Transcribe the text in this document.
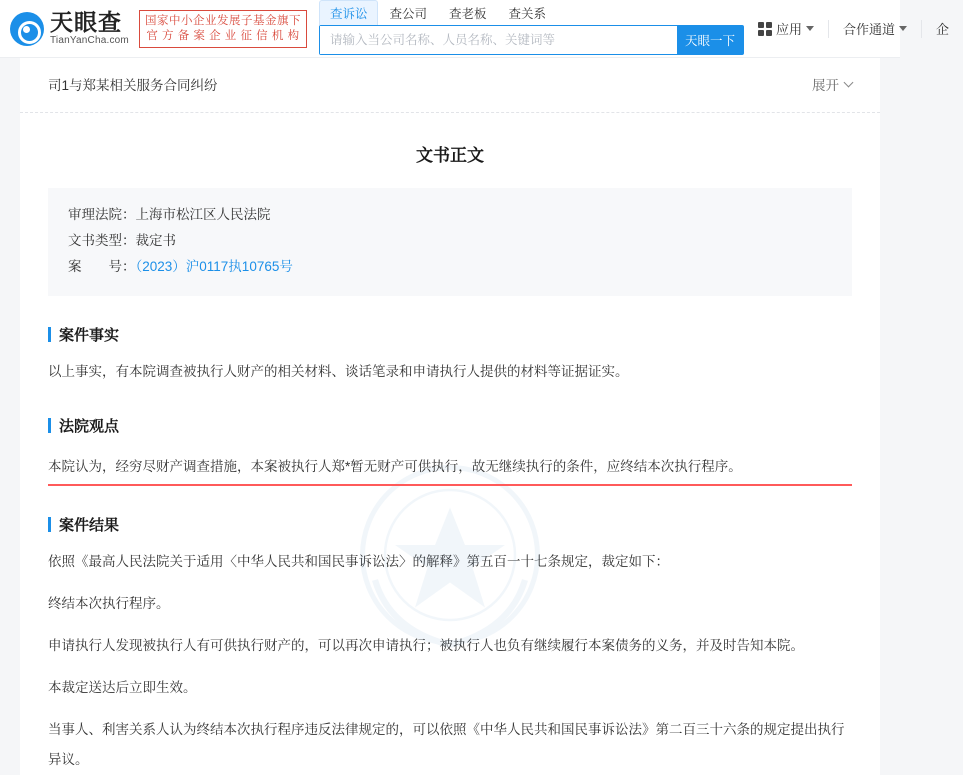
天眼查
TianYanCha.com
国家中小企业发展子基金旗下
官 方 备 案 企 业 征 信 机 构
查诉讼	查公司	查老板	查关系
请输入当公司名称、人员名称、关键词等
天眼一下
应用	合作通道	企
司1与郑某相关服务合同纠纷	展开
文书正文
审理法院：上海市松江区人民法院
文书类型：裁定书
案　　号：（2023）沪0117执10765号
案件事实

以上事实，有本院调查被执行人财产的相关材料、谈话笔录和申请执行人提供的材料等证据证实。

法院观点

本院认为，经穷尽财产调查措施，本案被执行人郑*暂无财产可供执行，故无继续执行的条件，应终结本次执行程序。

案件结果

依照《最高人民法院关于适用〈中华人民共和国民事诉讼法〉的解释》第五百一十七条规定，裁定如下：

终结本次执行程序。

申请执行人发现被执行人有可供执行财产的，可以再次申请执行；被执行人也负有继续履行本案债务的义务，并及时告知本院。

本裁定送达后立即生效。

当事人、利害关系人认为终结本次执行程序违反法律规定的，可以依照《中华人民共和国民事诉讼法》第二百三十六条的规定提出执行异议。
